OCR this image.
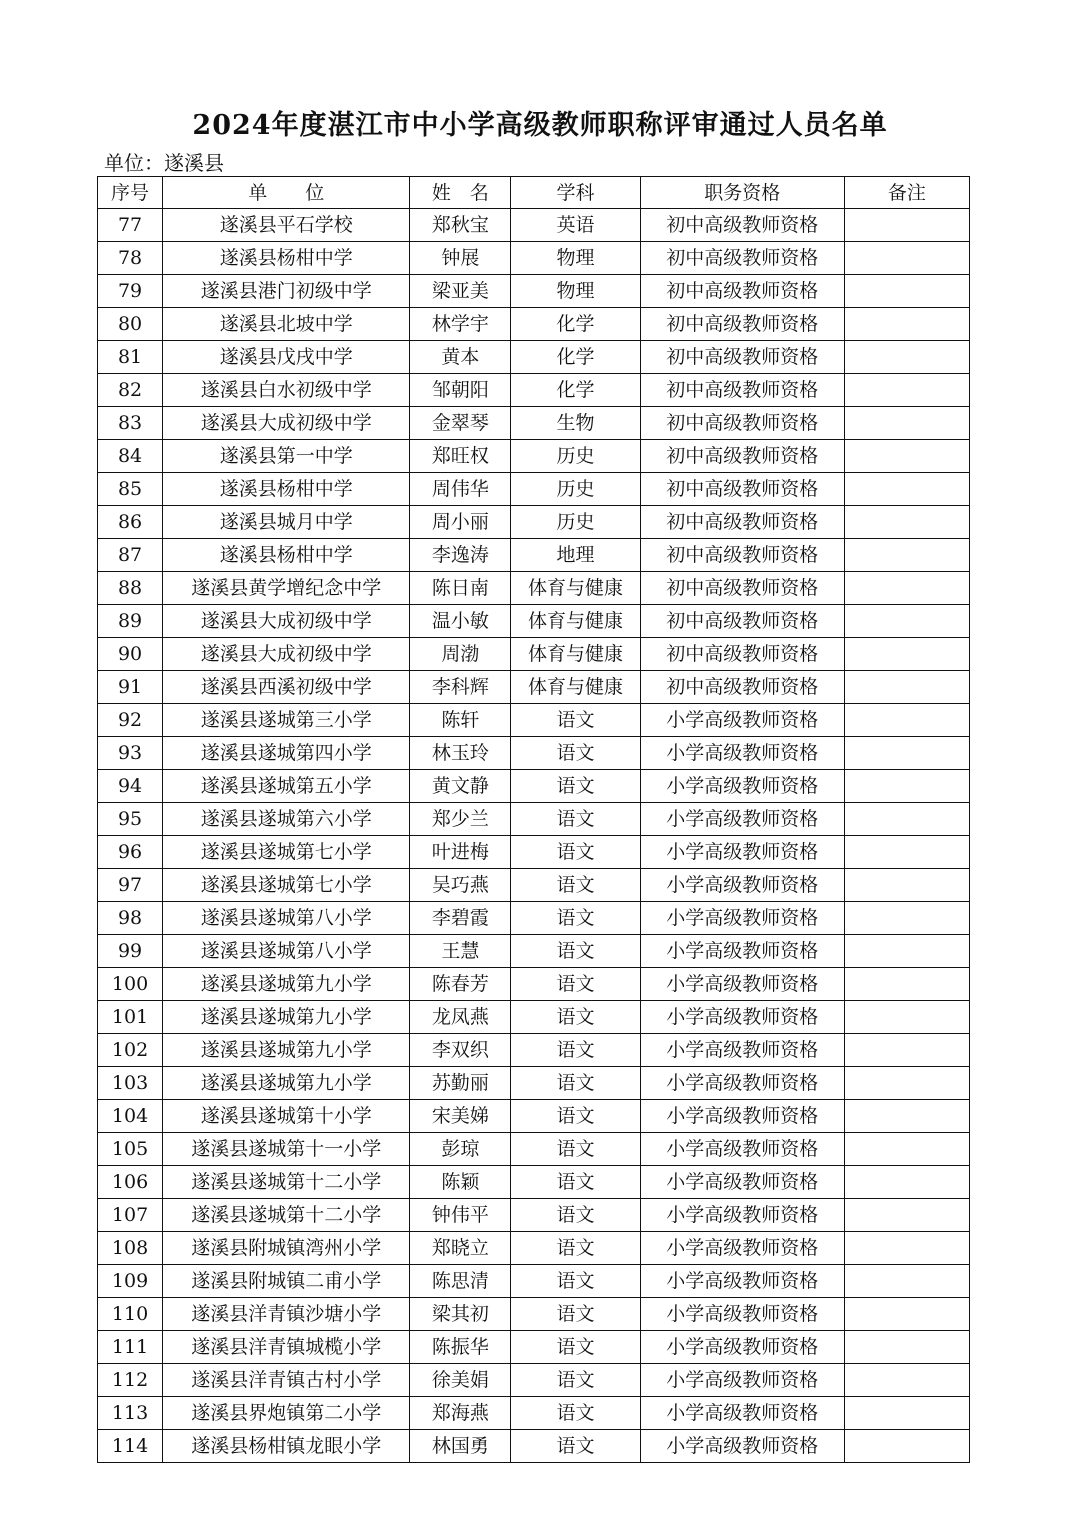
2024年度湛江市中小学高级教师职称评审通过人员名单
单位：遂溪县
序号	单　　位	姓　名	学科	职务资格	备注
77	遂溪县平石学校	郑秋宝	英语	初中高级教师资格	
78	遂溪县杨柑中学	钟展	物理	初中高级教师资格	
79	遂溪县港门初级中学	梁亚美	物理	初中高级教师资格	
80	遂溪县北坡中学	林学宇	化学	初中高级教师资格	
81	遂溪县戊戌中学	黄本	化学	初中高级教师资格	
82	遂溪县白水初级中学	邹朝阳	化学	初中高级教师资格	
83	遂溪县大成初级中学	金翠琴	生物	初中高级教师资格	
84	遂溪县第一中学	郑旺权	历史	初中高级教师资格	
85	遂溪县杨柑中学	周伟华	历史	初中高级教师资格	
86	遂溪县城月中学	周小丽	历史	初中高级教师资格	
87	遂溪县杨柑中学	李逸涛	地理	初中高级教师资格	
88	遂溪县黄学增纪念中学	陈日南	体育与健康	初中高级教师资格	
89	遂溪县大成初级中学	温小敏	体育与健康	初中高级教师资格	
90	遂溪县大成初级中学	周渤	体育与健康	初中高级教师资格	
91	遂溪县西溪初级中学	李科辉	体育与健康	初中高级教师资格	
92	遂溪县遂城第三小学	陈轩	语文	小学高级教师资格	
93	遂溪县遂城第四小学	林玉玲	语文	小学高级教师资格	
94	遂溪县遂城第五小学	黄文静	语文	小学高级教师资格	
95	遂溪县遂城第六小学	郑少兰	语文	小学高级教师资格	
96	遂溪县遂城第七小学	叶进梅	语文	小学高级教师资格	
97	遂溪县遂城第七小学	吴巧燕	语文	小学高级教师资格	
98	遂溪县遂城第八小学	李碧霞	语文	小学高级教师资格	
99	遂溪县遂城第八小学	王慧	语文	小学高级教师资格	
100	遂溪县遂城第九小学	陈春芳	语文	小学高级教师资格	
101	遂溪县遂城第九小学	龙凤燕	语文	小学高级教师资格	
102	遂溪县遂城第九小学	李双织	语文	小学高级教师资格	
103	遂溪县遂城第九小学	苏勤丽	语文	小学高级教师资格	
104	遂溪县遂城第十小学	宋美娣	语文	小学高级教师资格	
105	遂溪县遂城第十一小学	彭琼	语文	小学高级教师资格	
106	遂溪县遂城第十二小学	陈颖	语文	小学高级教师资格	
107	遂溪县遂城第十二小学	钟伟平	语文	小学高级教师资格	
108	遂溪县附城镇湾州小学	郑晓立	语文	小学高级教师资格	
109	遂溪县附城镇二甫小学	陈思清	语文	小学高级教师资格	
110	遂溪县洋青镇沙塘小学	梁其初	语文	小学高级教师资格	
111	遂溪县洋青镇城榄小学	陈振华	语文	小学高级教师资格	
112	遂溪县洋青镇古村小学	徐美娟	语文	小学高级教师资格	
113	遂溪县界炮镇第二小学	郑海燕	语文	小学高级教师资格	
114	遂溪县杨柑镇龙眼小学	林国勇	语文	小学高级教师资格	
